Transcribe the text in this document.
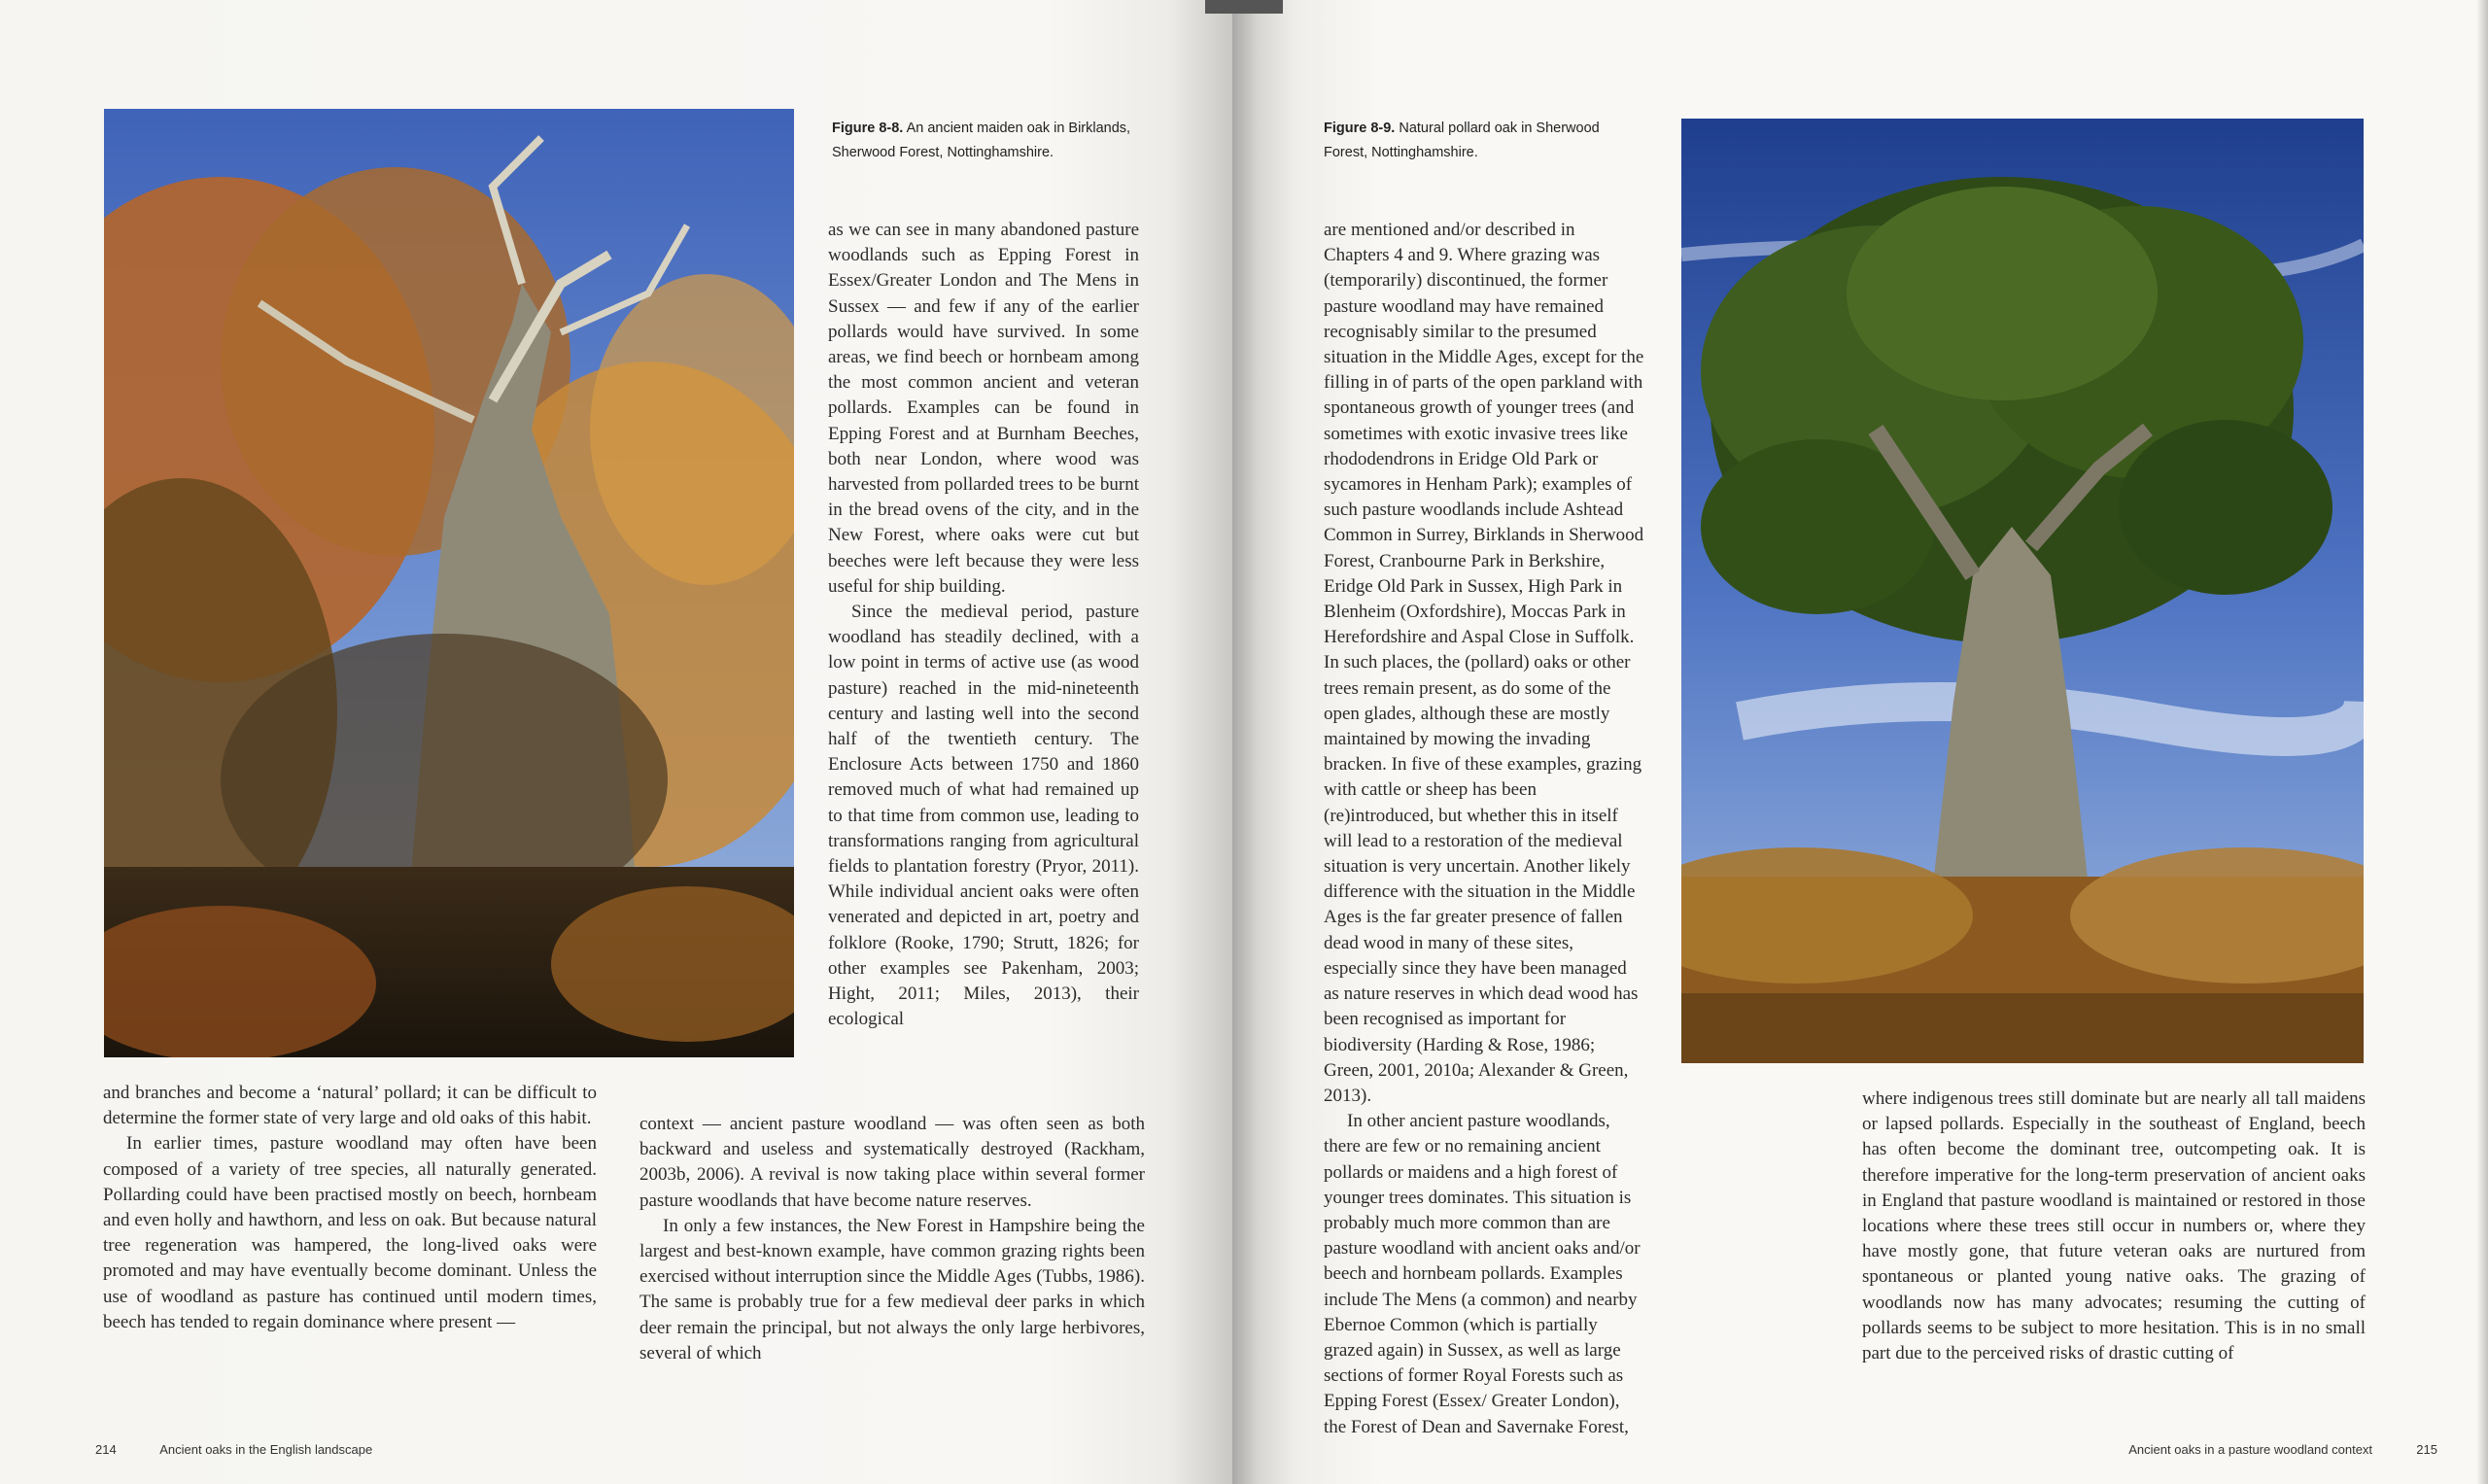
Figure 8-8. An ancient maiden oak in Birklands,
Sherwood Forest, Nottinghamshire.

as we can see in many abandoned pasture woodlands such as Epping Forest in Essex/Greater London and The Mens in Sussex — and few if any of the earlier pollards would have survived. In some areas, we find beech or hornbeam among the most common ancient and veteran pollards. Examples can be found in Epping Forest and at Burnham Beeches, both near London, where wood was harvested from pollarded trees to be burnt in the bread ovens of the city, and in the New Forest, where oaks were cut but beeches were left because they were less useful for ship building.

Since the medieval period, pasture woodland has steadily declined, with a low point in terms of active use (as wood pasture) reached in the mid-nineteenth century and lasting well into the second half of the twentieth century. The Enclosure Acts between 1750 and 1860 removed much of what had remained up to that time from common use, leading to transformations ranging from agricultural fields to plantation forestry (Pryor, 2011). While individual ancient oaks were often venerated and depicted in art, poetry and folklore (Rooke, 1790; Strutt, 1826; for other examples see Pakenham, 2003; Hight, 2011; Miles, 2013), their ecological

context — ancient pasture woodland — was often seen as both backward and useless and systematically destroyed (Rackham, 2003b, 2006). A revival is now taking place within several former pasture woodlands that have become nature reserves.

In only a few instances, the New Forest in Hampshire being the largest and best-known example, have common grazing rights been exercised without interruption since the Middle Ages (Tubbs, 1986). The same is probably true for a few medieval deer parks in which deer remain the principal, but not always the only large herbivores, several of which

and branches and become a ‘natural’ pollard; it can be difficult to determine the former state of very large and old oaks of this habit.

In earlier times, pasture woodland may often have been composed of a variety of tree species, all naturally generated. Pollarding could have been practised mostly on beech, hornbeam and even holly and hawthorn, and less on oak. But because natural tree regeneration was hampered, the long-lived oaks were promoted and may have eventually become dominant. Unless the use of woodland as pasture has continued until modern times, beech has tended to regain dominance where present —

214	Ancient oaks in the English landscape
Figure 8-9. Natural pollard oak in Sherwood
Forest, Nottinghamshire.

are mentioned and/or described in Chapters 4 and 9. Where grazing was (temporarily) discontinued, the former pasture woodland may have remained recognisably similar to the presumed situation in the Middle Ages, except for the filling in of parts of the open parkland with spontaneous growth of younger trees (and sometimes with exotic invasive trees like rhododendrons in Eridge Old Park or sycamores in Henham Park); examples of such pasture woodlands include Ashtead Common in Surrey, Birklands in Sherwood Forest, Cranbourne Park in Berkshire, Eridge Old Park in Sussex, High Park in Blenheim (Oxfordshire), Moccas Park in Herefordshire and Aspal Close in Suffolk. In such places, the (pollard) oaks or other trees remain present, as do some of the open glades, although these are mostly maintained by mowing the invading bracken. In five of these examples, grazing with cattle or sheep has been (re)introduced, but whether this in itself will lead to a restoration of the medieval situation is very uncertain. Another likely difference with the situation in the Middle Ages is the far greater presence of fallen dead wood in many of these sites, especially since they have been managed as nature reserves in which dead wood has been recognised as important for biodiversity (Harding & Rose, 1986; Green, 2001, 2010a; Alexander & Green, 2013).

In other ancient pasture woodlands, there are few or no remaining ancient pollards or maidens and a high forest of younger trees dominates. This situation is probably much more common than are pasture woodland with ancient oaks and/or beech and hornbeam pollards. Examples include The Mens (a common) and nearby Ebernoe Common (which is partially grazed again) in Sussex, as well as large sections of former Royal Forests such as Epping Forest (Essex/ Greater London), the Forest of Dean and Savernake Forest,

where indigenous trees still dominate but are nearly all tall maidens or lapsed pollards. Especially in the southeast of England, beech has often become the dominant tree, outcompeting oak. It is therefore imperative for the long-term preservation of ancient oaks in England that pasture woodland is maintained or restored in those locations where these trees still occur in numbers or, where they have mostly gone, that future veteran oaks are nurtured from spontaneous or planted young native oaks. The grazing of woodlands now has many advocates; resuming the cutting of pollards seems to be subject to more hesitation. This is in no small part due to the perceived risks of drastic cutting of

Ancient oaks in a pasture woodland context	215
